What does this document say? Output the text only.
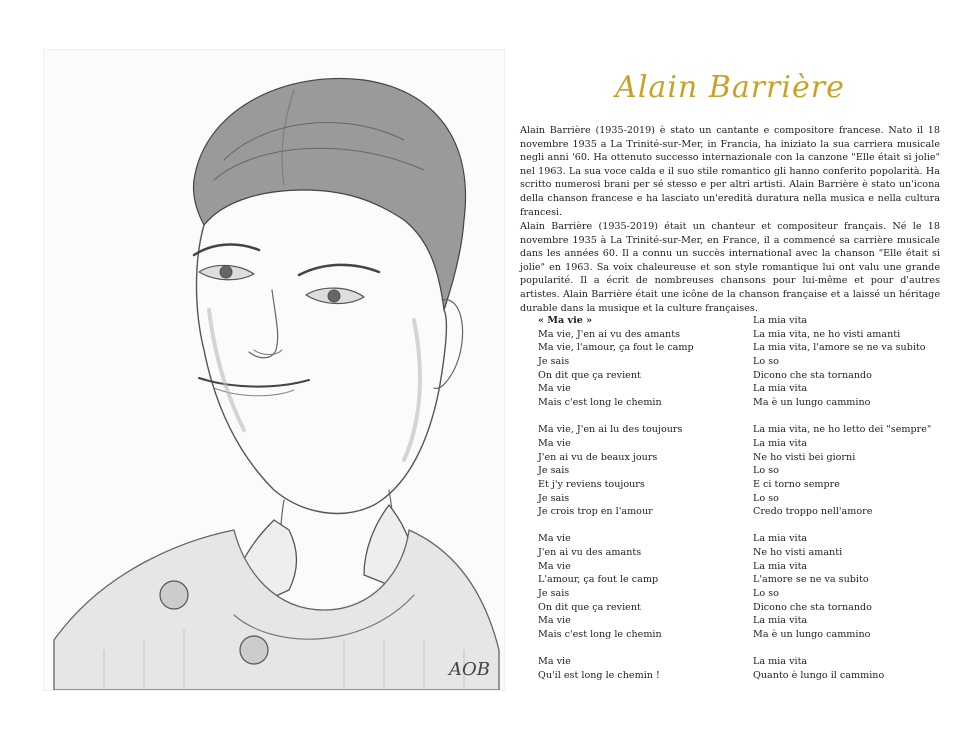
AOB
Alain Barrière

Alain Barrière (1935-2019) è stato un cantante e compositore francese. Nato il 18 novembre 1935 a La Trinité-sur-Mer, in Francia, ha iniziato la sua carriera musicale negli anni '60. Ha ottenuto successo internazionale con la canzone "Elle était si jolie" nel 1963. La sua voce calda e il suo stile romantico gli hanno conferito popolarità. Ha scritto numerosi brani per sé stesso e per altri artisti. Alain Barrière è stato un'icona della chanson francese e ha lasciato un'eredità duratura nella musica e nella cultura francesi.

Alain Barrière (1935-2019) était un chanteur et compositeur français. Né le 18 novembre 1935 à La Trinité-sur-Mer, en France, il a commencé sa carrière musicale dans les années 60. Il a connu un succès international avec la chanson "Elle était si jolie" en 1963. Sa voix chaleureuse et son style romantique lui ont valu une grande popularité. Il a écrit de nombreuses chansons pour lui-même et pour d'autres artistes. Alain Barrière était une icône de la chanson française et a laissé un héritage durable dans la musique et la culture françaises.

« Ma vie »
Ma vie, J'en ai vu des amants
Ma vie, l'amour, ça fout le camp
Je sais
On dit que ça revient
Ma vie
Mais c'est long le chemin
Ma vie, J'en ai lu des toujours
Ma vie
J'en ai vu de beaux jours
Je sais
Et j'y reviens toujours
Je sais
Je crois trop en l'amour
Ma vie
J'en ai vu des amants
Ma vie
L'amour, ça fout le camp
Je sais
On dit que ça revient
Ma vie
Mais c'est long le chemin
Ma vie
Qu'il est long le chemin !
La mia vita
La mia vita, ne ho visti amanti
La mia vita, l'amore se ne va subito
Lo so
Dicono che sta tornando
La mia vita
Ma è un lungo cammino
La mia vita, ne ho letto dei "sempre"
La mia vita
Ne ho visti bei giorni
Lo so
E ci torno sempre
Lo so
Credo troppo nell'amore
La mia vita
Ne ho visti amanti
La mia vita
L'amore se ne va subito
Lo so
Dicono che sta tornando
La mia vita
Ma è un lungo cammino
La mia vita
Quanto è lungo il cammino
